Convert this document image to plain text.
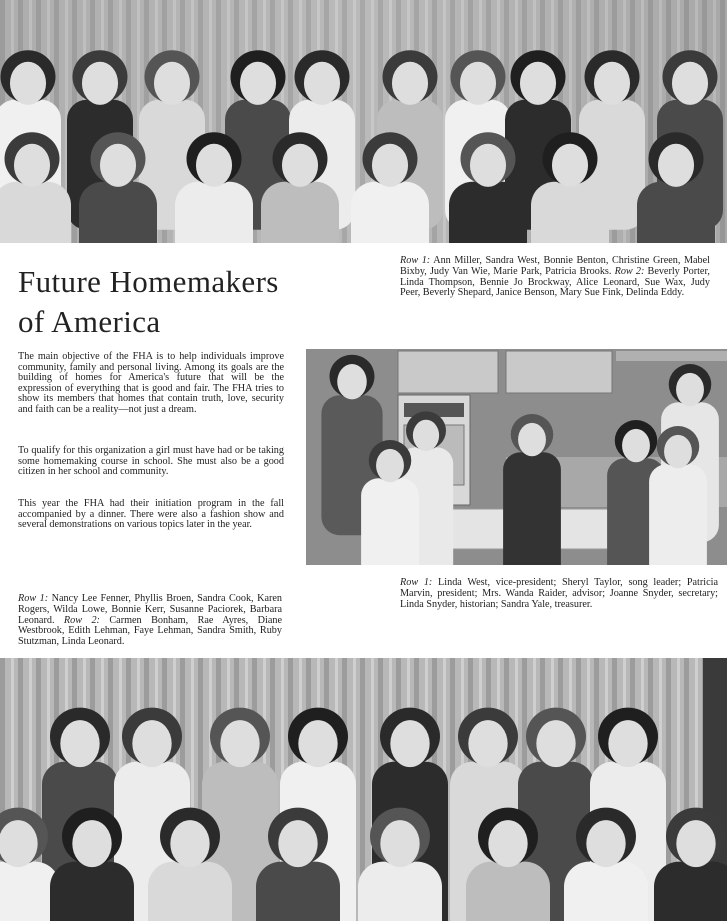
Future Homemakers
of America

Row 1: Ann Miller, Sandra West, Bonnie Benton, Christine Green, Mabel Bixby, Judy Van Wie, Marie Park, Patricia Brooks. Row 2: Beverly Porter, Linda Thompson, Bennie Jo Brockway, Alice Leonard, Sue Wax, Judy Peer, Beverly Shepard, Janice Benson, Mary Sue Fink, Delinda Eddy.

The main objective of the FHA is to help individuals improve community, family and personal living. Among its goals are the building of homes for America's future that will be the expression of everything that is good and fair. The FHA tries to show its members that homes that contain truth, love, security and faith can be a reality—not just a dream.

To qualify for this organization a girl must have had or be taking some homemaking course in school. She must also be a good citizen in her school and community.

This year the FHA had their initiation program in the fall accompanied by a dinner. There were also a fashion show and several demonstrations on various topics later in the year.

Row 1: Nancy Lee Fenner, Phyllis Broen, Sandra Cook, Karen Rogers, Wilda Lowe, Bonnie Kerr, Susanne Paciorek, Barbara Leonard. Row 2: Carmen Bonham, Rae Ayres, Diane Westbrook, Edith Lehman, Faye Lehman, Sandra Smith, Ruby Stutzman, Linda Leonard.

Row 1: Linda West, vice-president; Sheryl Taylor, song leader; Patricia Marvin, president; Mrs. Wanda Raider, advisor; Joanne Snyder, secretary; Linda Snyder, historian; Sandra Yale, treasurer.
